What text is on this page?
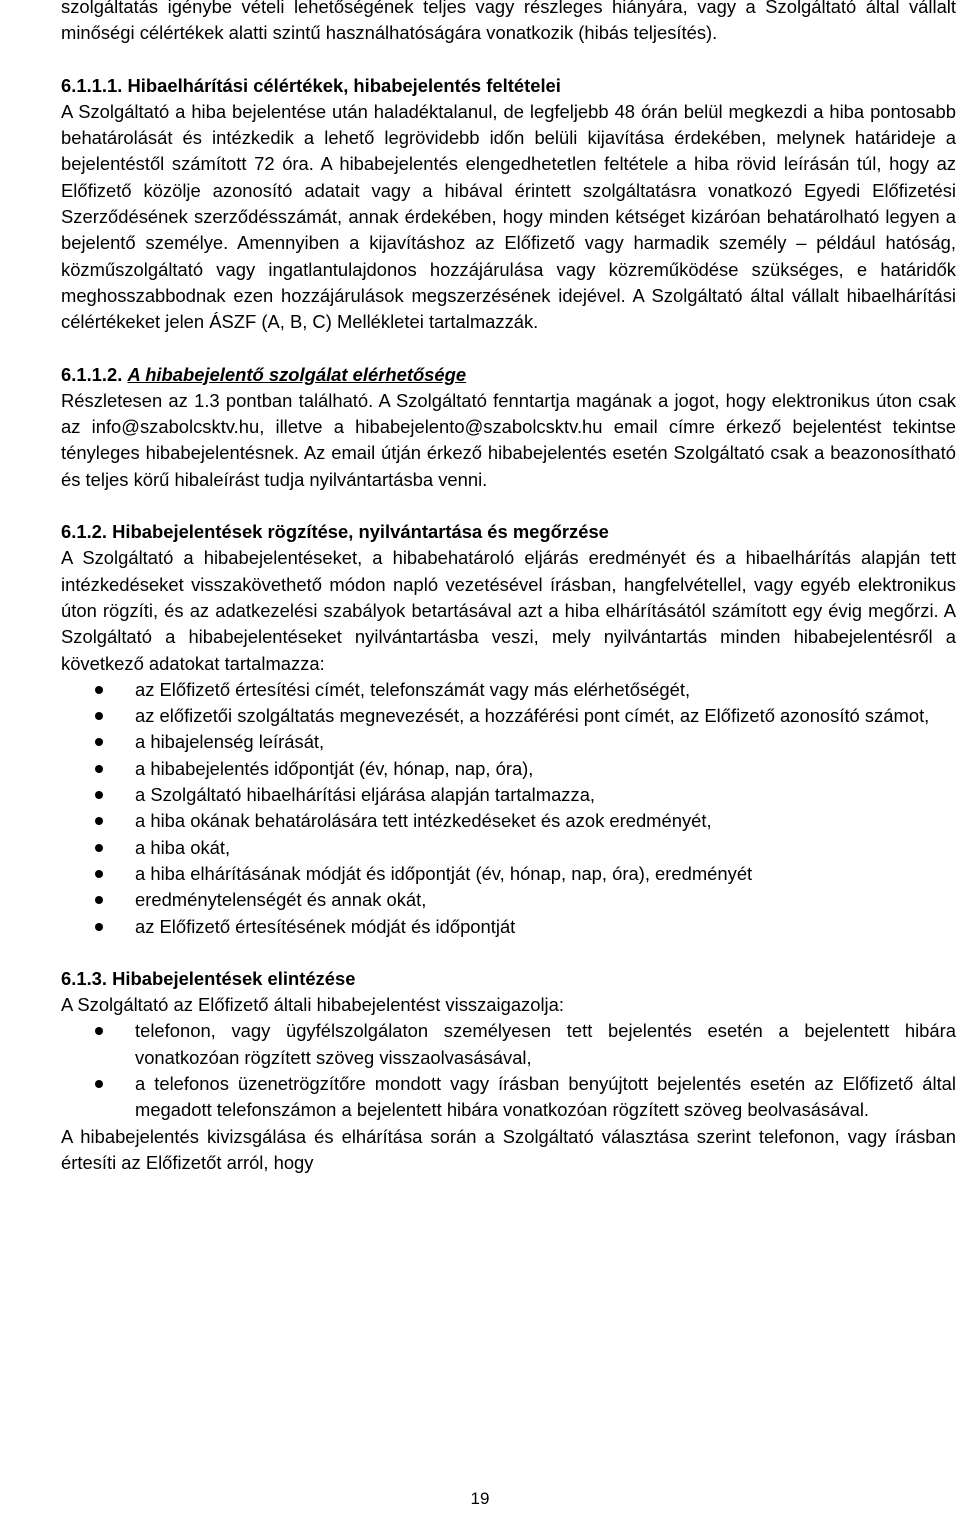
szolgáltatás igénybe vételi lehetőségének teljes vagy részleges hiányára, vagy a Szolgáltató által vállalt minőségi célértékek alatti szintű használhatóságára vonatkozik (hibás teljesítés).

6.1.1.1. Hibaelhárítási célértékek, hibabejelentés feltételei

A Szolgáltató a hiba bejelentése után haladéktalanul, de legfeljebb 48 órán belül megkezdi a hiba pontosabb behatárolását és intézkedik a lehető legrövidebb időn belüli kijavítása érdekében, melynek határideje a bejelentéstől számított 72 óra. A hibabejelentés elengedhetetlen feltétele a hiba rövid leírásán túl, hogy az Előfizető közölje azonosító adatait vagy a hibával érintett szolgáltatásra vonatkozó Egyedi Előfizetési Szerződésének szerződésszámát, annak érdekében, hogy minden kétséget kizáróan behatárolható legyen a bejelentő személye. Amennyiben a kijavításhoz az Előfizető vagy harmadik személy – például hatóság, közműszolgáltató vagy ingatlantulajdonos hozzájárulása vagy közreműködése szükséges, e határidők meghosszabbodnak ezen hozzájárulások megszerzésének idejével. A Szolgáltató által vállalt hibaelhárítási célértékeket jelen ÁSZF (A, B, C) Mellékletei tartalmazzák.

6.1.1.2. A hibabejelentő szolgálat elérhetősége

Részletesen az 1.3 pontban található. A Szolgáltató fenntartja magának a jogot, hogy elektronikus úton csak az info@szabolcsktv.hu, illetve a hibabejelento@szabolcsktv.hu email címre érkező bejelentést tekintse tényleges hibabejelentésnek. Az email útján érkező hibabejelentés esetén Szolgáltató csak a beazonosítható és teljes körű hibaleírást tudja nyilvántartásba venni.

6.1.2. Hibabejelentések rögzítése, nyilvántartása és megőrzése

A Szolgáltató a hibabejelentéseket, a hibabehatároló eljárás eredményét és a hibaelhárítás alapján tett intézkedéseket visszakövethető módon napló vezetésével írásban, hangfelvétellel, vagy egyéb elektronikus úton rögzíti, és az adatkezelési szabályok betartásával azt a hiba elhárításától számított egy évig megőrzi. A Szolgáltató a hibabejelentéseket nyilvántartásba veszi, mely nyilvántartás minden hibabejelentésről a következő adatokat tartalmazza:

az Előfizető értesítési címét, telefonszámát vagy más elérhetőségét,
az előfizetői szolgáltatás megnevezését, a hozzáférési pont címét, az Előfizető azonosító számot,
a hibajelenség leírását,
a hibabejelentés időpontját (év, hónap, nap, óra),
a Szolgáltató hibaelhárítási eljárása alapján tartalmazza,
a hiba okának behatárolására tett intézkedéseket és azok eredményét,
a hiba okát,
a hiba elhárításának módját és időpontját (év, hónap, nap, óra), eredményét
eredménytelenségét és annak okát,
az Előfizető értesítésének módját és időpontját

6.1.3. Hibabejelentések elintézése

A Szolgáltató az Előfizető általi hibabejelentést visszaigazolja:

telefonon, vagy ügyfélszolgálaton személyesen tett bejelentés esetén a bejelentett hibára vonatkozóan rögzített szöveg visszaolvasásával,
a telefonos üzenetrögzítőre mondott vagy írásban benyújtott bejelentés esetén az Előfizető által megadott telefonszámon a bejelentett hibára vonatkozóan rögzített szöveg beolvasásával.

A hibabejelentés kivizsgálása és elhárítása során a Szolgáltató választása szerint telefonon, vagy írásban értesíti az Előfizetőt arról, hogy

19
